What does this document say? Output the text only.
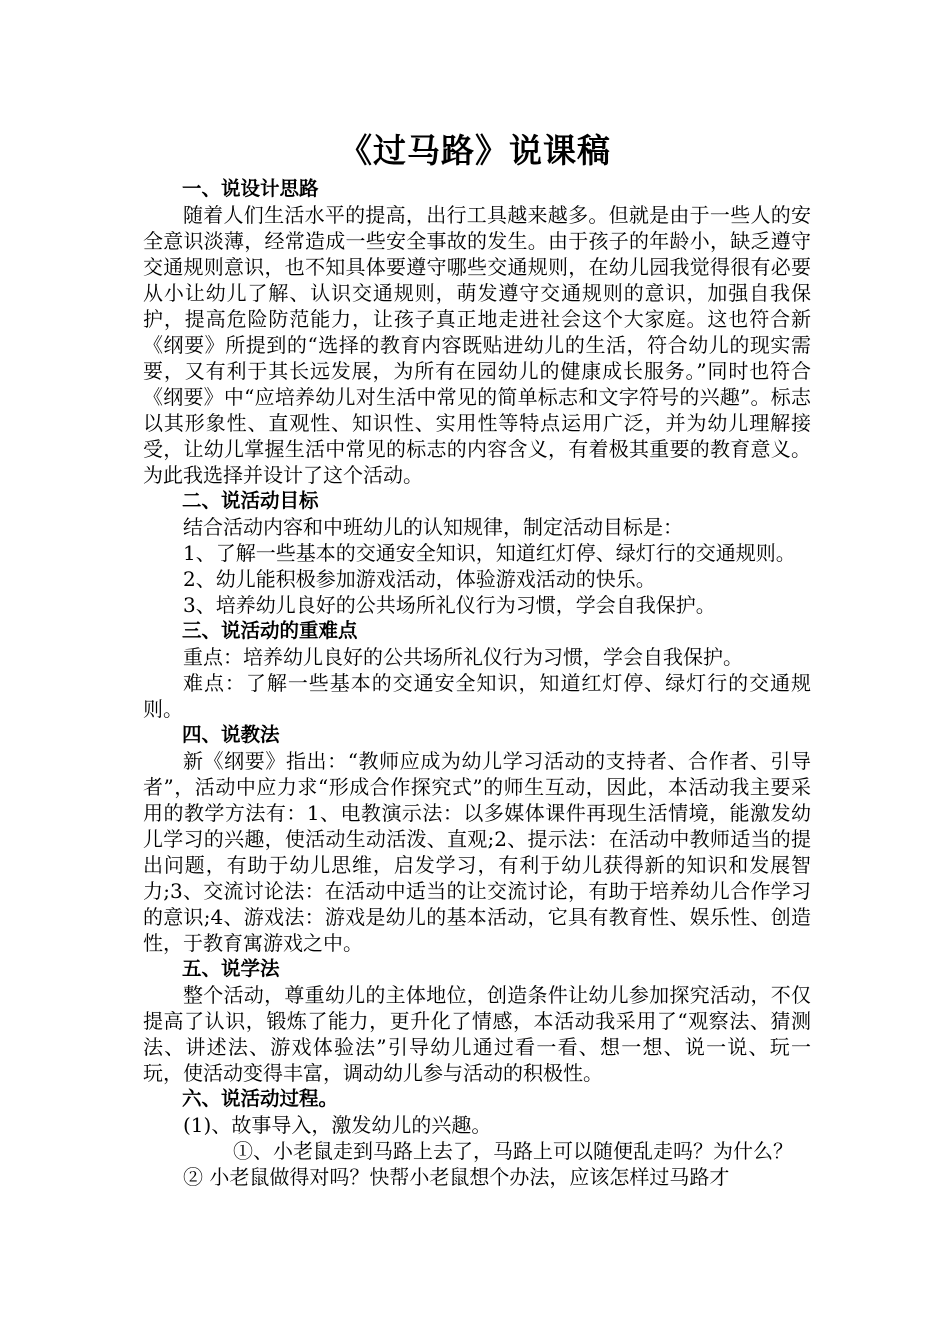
《过马路》说课稿

一、说设计思路

随着人们生活水平的提高，出行工具越来越多。但就是由于一些人的安全意识淡薄，经常造成一些安全事故的发生。由于孩子的年龄小，缺乏遵守交通规则意识，也不知具体要遵守哪些交通规则，在幼儿园我觉得很有必要从小让幼儿了解、认识交通规则，萌发遵守交通规则的意识，加强自我保护，提高危险防范能力，让孩子真正地走进社会这个大家庭。这也符合新《纲要》所提到的“选择的教育内容既贴进幼儿的生活，符合幼儿的现实需要，又有利于其长远发展，为所有在园幼儿的健康成长服务。”同时也符合《纲要》中“应培养幼儿对生活中常见的简单标志和文字符号的兴趣”。标志以其形象性、直观性、知识性、实用性等特点运用广泛，并为幼儿理解接受，让幼儿掌握生活中常见的标志的内容含义，有着极其重要的教育意义。为此我选择并设计了这个活动。

二、说活动目标

结合活动内容和中班幼儿的认知规律，制定活动目标是：

1、了解一些基本的交通安全知识，知道红灯停、绿灯行的交通规则。

2、幼儿能积极参加游戏活动，体验游戏活动的快乐。

3、培养幼儿良好的公共场所礼仪行为习惯，学会自我保护。

三、说活动的重难点

重点：培养幼儿良好的公共场所礼仪行为习惯，学会自我保护。

难点：了解一些基本的交通安全知识，知道红灯停、绿灯行的交通规则。

四、说教法

新《纲要》指出：“教师应成为幼儿学习活动的支持者、合作者、引导者”，活动中应力求“形成合作探究式”的师生互动，因此，本活动我主要采用的教学方法有：1、电教演示法：以多媒体课件再现生活情境，能激发幼儿学习的兴趣，使活动生动活泼、直观;2、提示法：在活动中教师适当的提出问题，有助于幼儿思维，启发学习，有利于幼儿获得新的知识和发展智力;3、交流讨论法：在活动中适当的让交流讨论，有助于培养幼儿合作学习的意识;4、游戏法：游戏是幼儿的基本活动，它具有教育性、娱乐性、创造性，于教育寓游戏之中。

五、说学法

整个活动，尊重幼儿的主体地位，创造条件让幼儿参加探究活动，不仅提高了认识，锻炼了能力，更升化了情感，本活动我采用了“观察法、猜测法、讲述法、游戏体验法”引导幼儿通过看一看、想一想、说一说、玩一玩，使活动变得丰富，调动幼儿参与活动的积极性。

六、说活动过程。

(1)、故事导入，激发幼儿的兴趣。

①、小老鼠走到马路上去了，马路上可以随便乱走吗？为什么？

② 小老鼠做得对吗？快帮小老鼠想个办法，应该怎样过马路才
